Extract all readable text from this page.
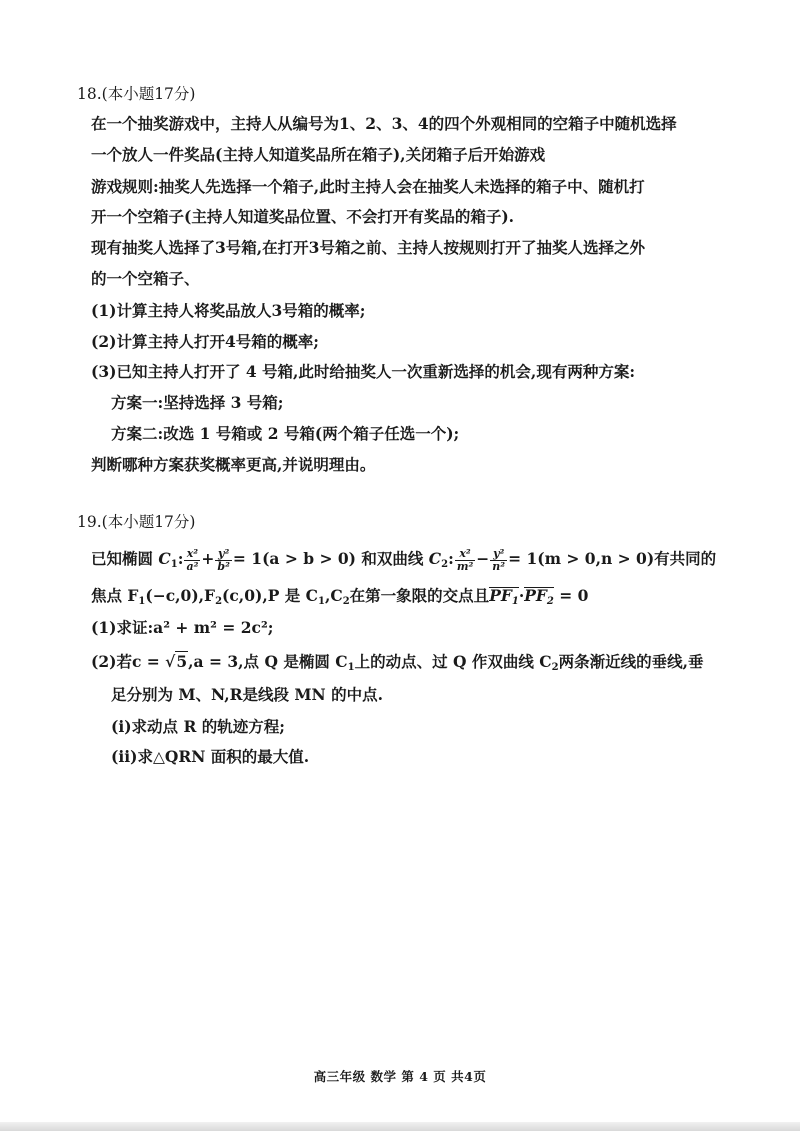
18.(本小题17分)
在一个抽奖游戏中，主持人从编号为1、2、3、4的四个外观相同的空箱子中随机选择
一个放人一件奖品(主持人知道奖品所在箱子),关闭箱子后开始游戏
游戏规则:抽奖人先选择一个箱子,此时主持人会在抽奖人未选择的箱子中、随机打
开一个空箱子(主持人知道奖品位置、不会打开有奖品的箱子).
现有抽奖人选择了3号箱,在打开3号箱之前、主持人按规则打开了抽奖人选择之外
的一个空箱子、
(1)计算主持人将奖品放人3号箱的概率;
(2)计算主持人打开4号箱的概率;
(3)已知主持人打开了 4 号箱,此时给抽奖人一次重新选择的机会,现有两种方案:
方案一:坚持选择 3 号箱;
方案二:改选 1 号箱或 2 号箱(两个箱子任选一个);
判断哪种方案获奖概率更高,并说明理由。
19.(本小题17分)
已知椭圆 $C_1$: $\frac{\text{x²}}{\text{a²}} + \frac{\text{y²}}{\text{b²}} = 1(a > b > 0)$ 和双曲线 $C_2$: $\frac{\text{x²}}{\text{m²}} - \frac{\text{y²}}{\text{n²}} = 1(m > 0,n > 0)$有共同的
焦点 $F_1(-c,0),F_2(c,0),P$ 是 $C_1,C_2$在第一象限的交点且$PF_1\cdot PF_2 = 0$
(1)求证:a² + m² = 2c²;
(2)若c = √5,a = 3,点 Q 是椭圆 $C_1$上的动点、过 Q 作双曲线 $C_2$两条渐近线的垂线,垂
足分别为 M、N,R是线段 MN 的中点.
(i)求动点 R 的轨迹方程;
(ii)求△QRN 面积的最大值.
高三年级 数学 第 4 页 共4页
